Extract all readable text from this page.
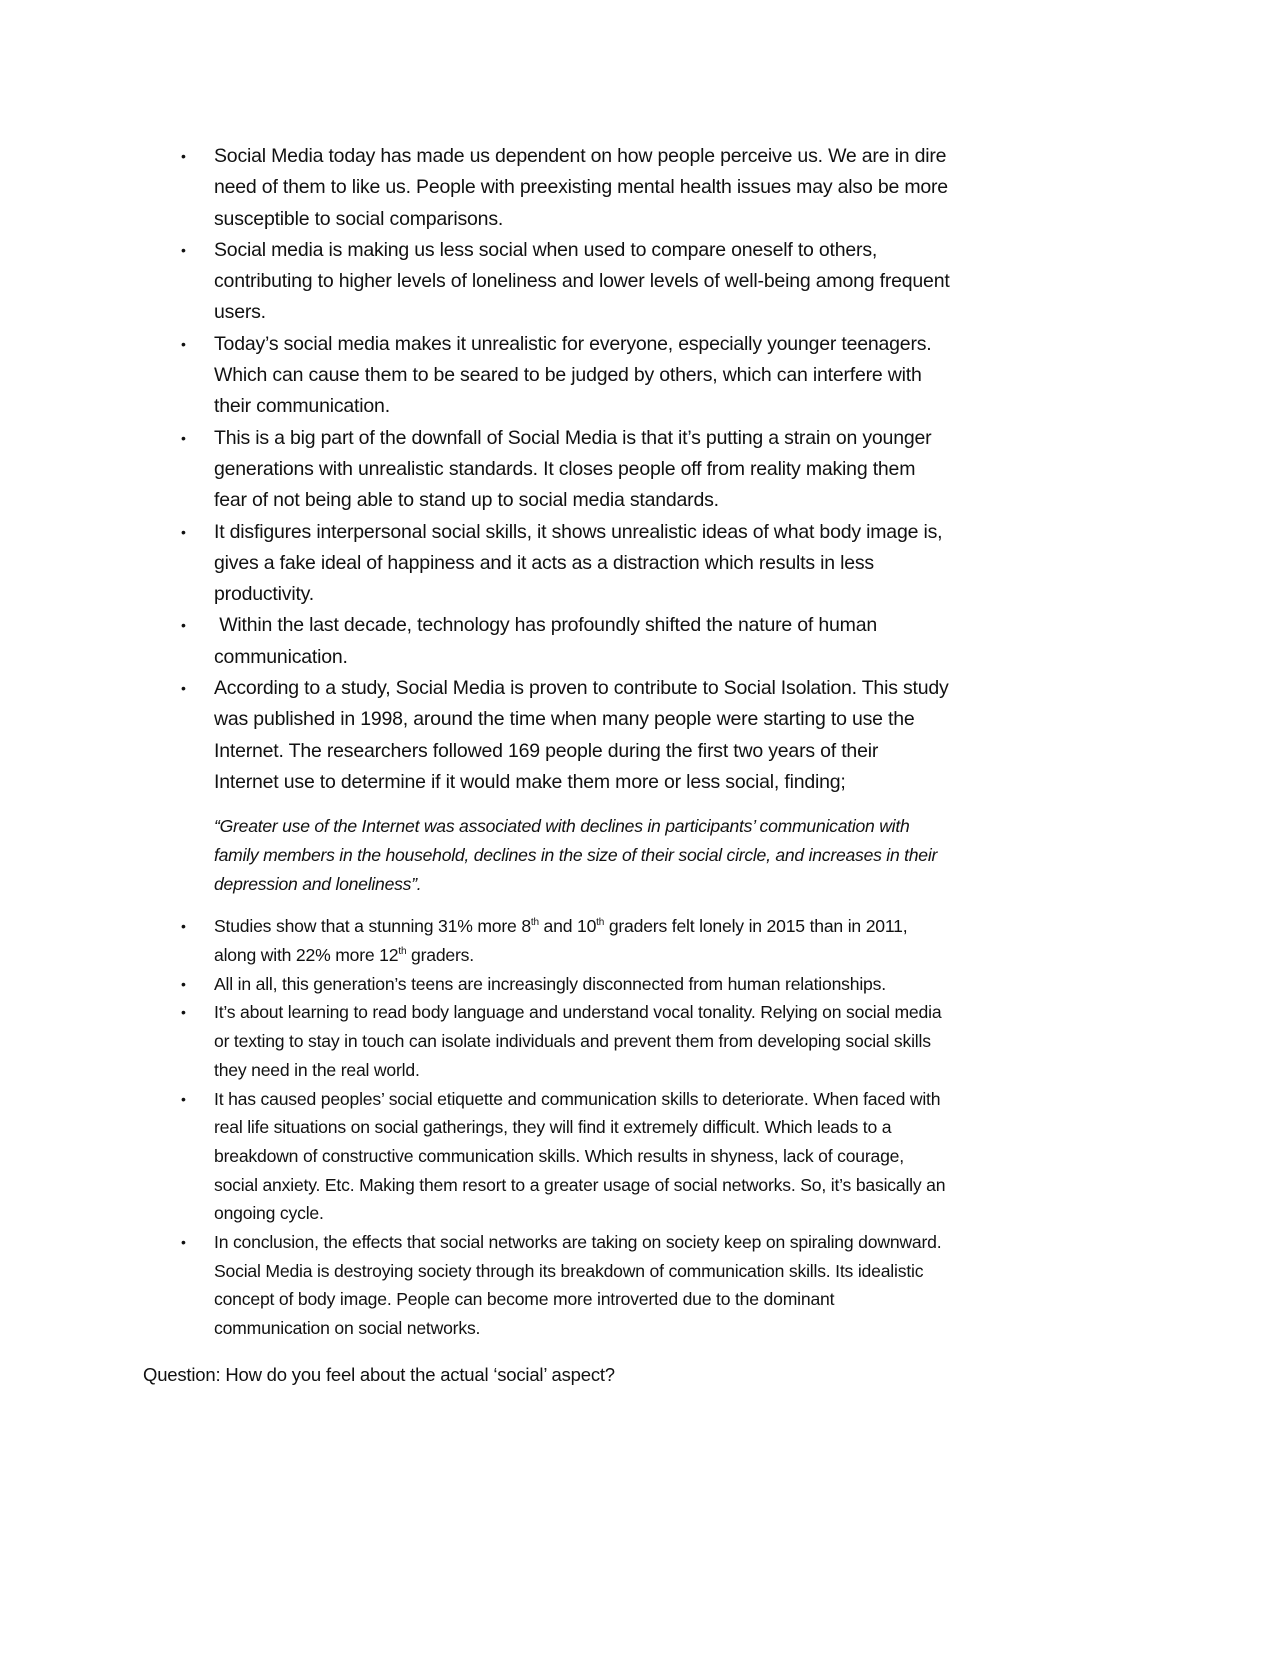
• Social Media today has made us dependent on how people perceive us. We are in dire
need of them to like us. People with preexisting mental health issues may also be more
susceptible to social comparisons.
• Social media is making us less social when used to compare oneself to others,
contributing to higher levels of loneliness and lower levels of well-being among frequent
users.
• Today’s social media makes it unrealistic for everyone, especially younger teenagers.
Which can cause them to be seared to be judged by others, which can interfere with
their communication.
• This is a big part of the downfall of Social Media is that it’s putting a strain on younger
generations with unrealistic standards. It closes people off from reality making them
fear of not being able to stand up to social media standards.
• It disfigures interpersonal social skills, it shows unrealistic ideas of what body image is,
gives a fake ideal of happiness and it acts as a distraction which results in less
productivity.
• Within the last decade, technology has profoundly shifted the nature of human
communication.
• According to a study, Social Media is proven to contribute to Social Isolation. This study
was published in 1998, around the time when many people were starting to use the
Internet. The researchers followed 169 people during the first two years of their
Internet use to determine if it would make them more or less social, finding;
“Greater use of the Internet was associated with declines in participants’ communication with
family members in the household, declines in the size of their social circle, and increases in their
depression and loneliness”.
• Studies show that a stunning 31% more 8th and 10th graders felt lonely in 2015 than in 2011,
along with 22% more 12th graders.
• All in all, this generation’s teens are increasingly disconnected from human relationships.
• It’s about learning to read body language and understand vocal tonality. Relying on social media
or texting to stay in touch can isolate individuals and prevent them from developing social skills
they need in the real world.
• It has caused peoples’ social etiquette and communication skills to deteriorate. When faced with
real life situations on social gatherings, they will find it extremely difficult. Which leads to a
breakdown of constructive communication skills. Which results in shyness, lack of courage,
social anxiety. Etc. Making them resort to a greater usage of social networks. So, it’s basically an
ongoing cycle.
• In conclusion, the effects that social networks are taking on society keep on spiraling downward.
Social Media is destroying society through its breakdown of communication skills. Its idealistic
concept of body image. People can become more introverted due to the dominant
communication on social networks.
Question: How do you feel about the actual ‘social’ aspect?
